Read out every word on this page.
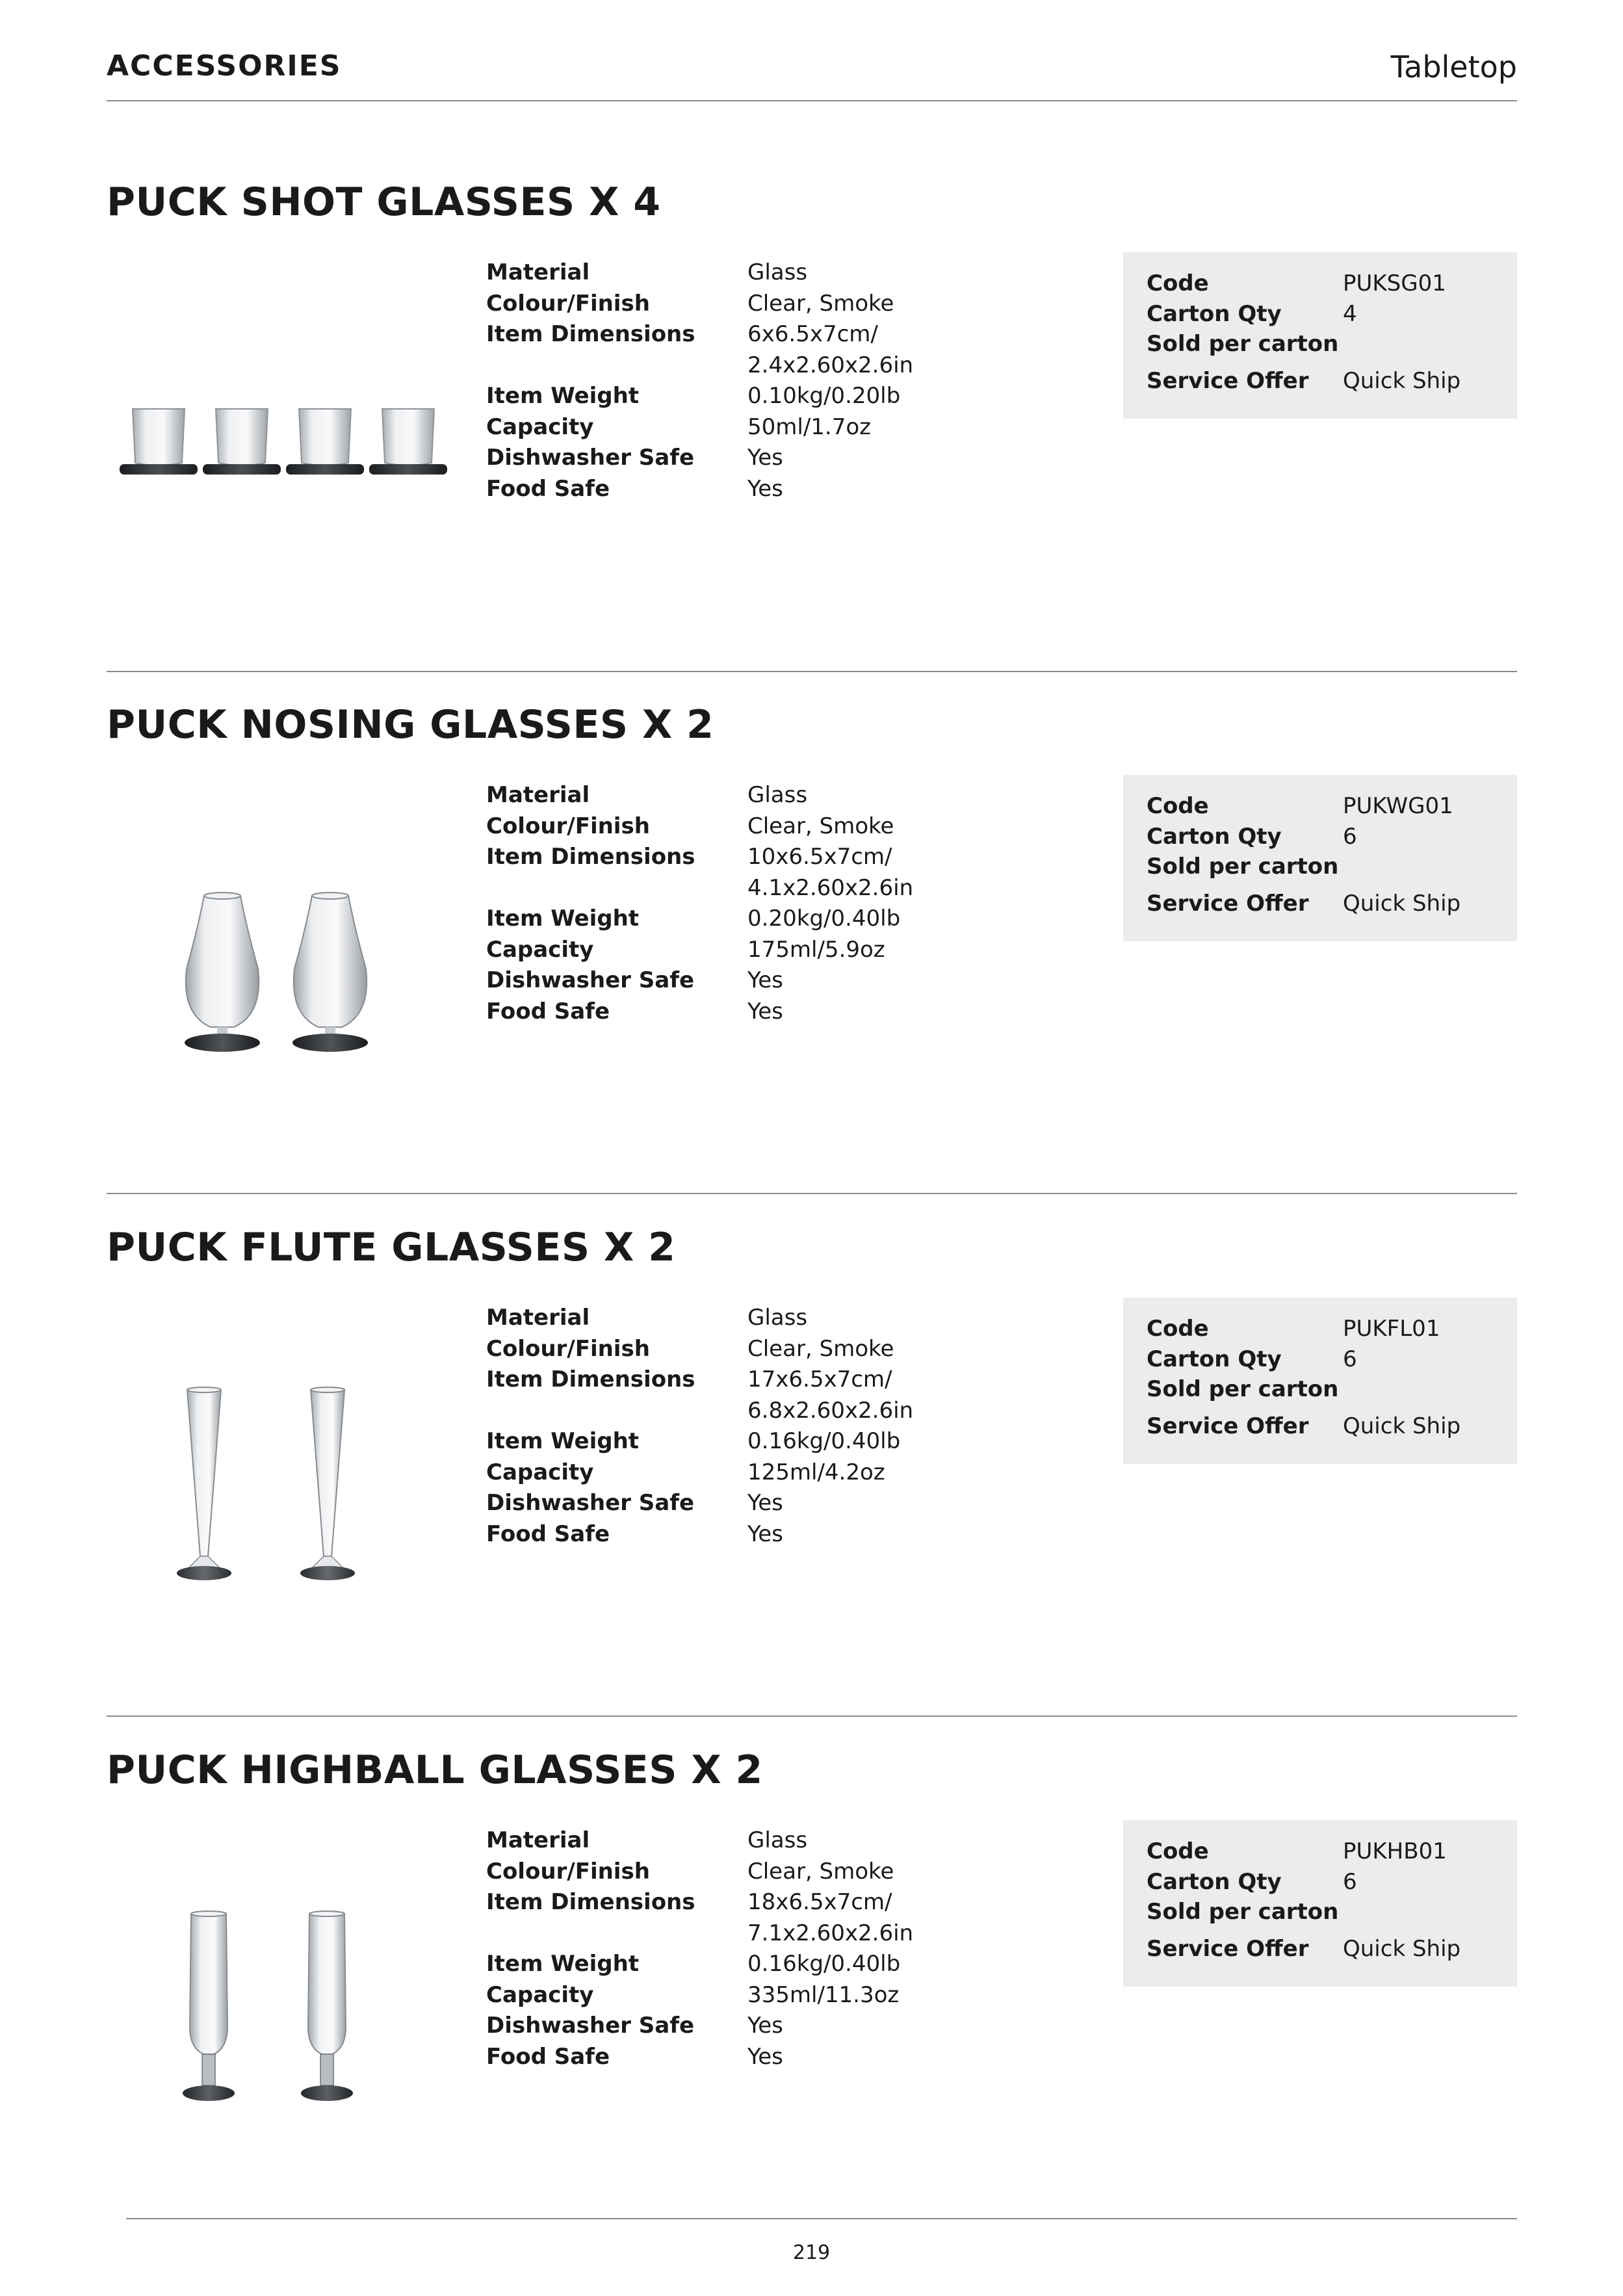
ACCESSORIES	Tabletop
PUCK SHOT GLASSES X 4
Material	Glass
Colour/Finish	Clear, Smoke
Item Dimensions	6x6.5x7cm/
2.4x2.60x2.6in
Item Weight	0.10kg/0.20lb
Capacity	50ml/1.7oz
Dishwasher Safe	Yes
Food Safe	Yes
Code	PUKSG01
Carton Qty	4
Sold per carton
Service Offer	Quick Ship
PUCK NOSING GLASSES X 2
Material	Glass
Colour/Finish	Clear, Smoke
Item Dimensions	10x6.5x7cm/
4.1x2.60x2.6in
Item Weight	0.20kg/0.40lb
Capacity	175ml/5.9oz
Dishwasher Safe	Yes
Food Safe	Yes
Code	PUKWG01
Carton Qty	6
Sold per carton
Service Offer	Quick Ship
PUCK FLUTE GLASSES X 2
Material	Glass
Colour/Finish	Clear, Smoke
Item Dimensions	17x6.5x7cm/
6.8x2.60x2.6in
Item Weight	0.16kg/0.40lb
Capacity	125ml/4.2oz
Dishwasher Safe	Yes
Food Safe	Yes
Code	PUKFL01
Carton Qty	6
Sold per carton
Service Offer	Quick Ship
PUCK HIGHBALL GLASSES X 2
Material	Glass
Colour/Finish	Clear, Smoke
Item Dimensions	18x6.5x7cm/
7.1x2.60x2.6in
Item Weight	0.16kg/0.40lb
Capacity	335ml/11.3oz
Dishwasher Safe	Yes
Food Safe	Yes
Code	PUKHB01
Carton Qty	6
Sold per carton
Service Offer	Quick Ship
219
